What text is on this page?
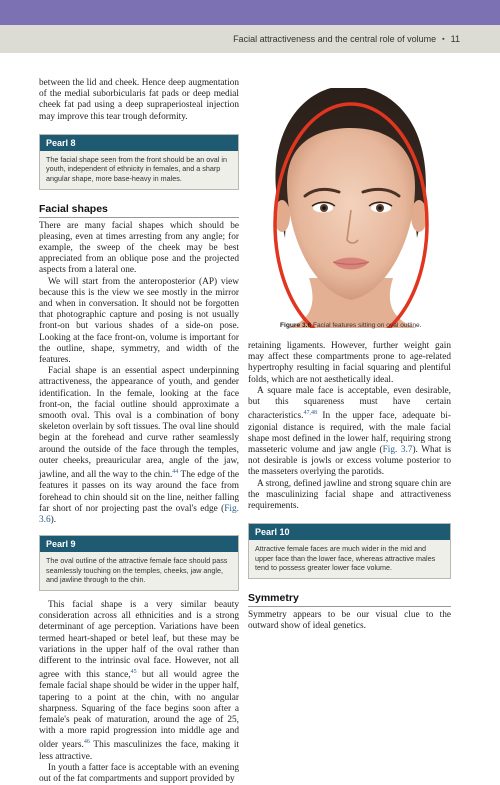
Facial attractiveness and the central role of volume ▪ 11

between the lid and cheek. Hence deep augmentation of the medial suborbicularis fat pads or deep medial cheek fat pad using a deep supraperiosteal injection may improve this tear trough deformity.

Pearl 8
The facial shape seen from the front should be an oval in youth, independent of ethnicity in females, and a sharp angular shape, more base-heavy in males.
Facial shapes

There are many facial shapes which should be pleasing, even at times arresting from any angle; for example, the sweep of the cheek may be best appreciated from an oblique pose and the projected aspects from a lateral one.

We will start from the anteroposterior (AP) view because this is the view we see mostly in the mirror and when in conversation. It should not be forgotten that photographic capture and posing is not usually front-on but various shades of a side-on pose. Looking at the face front-on, volume is important for the outline, shape, symmetry, and width of the features.

Facial shape is an essential aspect underpinning attractiveness, the appearance of youth, and gender identification. In the female, looking at the face front-on, the facial outline should approximate a smooth oval. This oval is a combination of bony skeleton overlain by soft tissues. The oval line should begin at the forehead and curve rather seamlessly around the outside of the face through the temples, outer cheeks, preauricular area, angle of the jaw, jawline, and all the way to the chin.$^{44}$ The edge of the features it passes on its way around the face from forehead to chin should sit on the line, neither falling far short of nor projecting past the oval's edge (Fig. 3.6).

Pearl 9
The oval outline of the attractive female face should pass seamlessly touching on the temples, cheeks, jaw angle, and jawline through to the chin.

This facial shape is a very similar beauty consideration across all ethnicities and is a strong determinant of age perception. Variations have been termed heart-shaped or betel leaf, but these may be variations in the upper half of the oval rather than different to the intrinsic oval face. However, not all agree with this stance,$^{45}$ but all would agree the female facial shape should be wider in the upper half, tapering to a point at the chin, with no angular sharpness. Squaring of the face begins soon after a female's peak of maturation, around the age of 25, with a more rapid progression into middle age and older years.$^{46}$ This masculinizes the face, making it less attractive.

In youth a fatter face is acceptable with an evening out of the fat compartments and support provided by

Figure 3.6 Facial features sitting on oval outline.

retaining ligaments. However, further weight gain may affect these compartments prone to age-related hypertrophy resulting in facial squaring and plentiful folds, which are not aesthetically ideal.

A square male face is acceptable, even desirable, but this squareness must have certain characteristics.$^{47,48}$ In the upper face, adequate bi-zigonial distance is required, with the male facial shape most defined in the lower half, requiring strong masseteric volume and jaw angle (Fig. 3.7). What is not desirable is jowls or excess volume posterior to the masseters overlying the parotids.

A strong, defined jawline and strong square chin are the masculinizing facial shape and attractiveness requirements.

Pearl 10
Attractive female faces are much wider in the mid and upper face than the lower face, whereas attractive males tend to possess greater lower face volume.
Symmetry

Symmetry appears to be our visual clue to the outward show of ideal genetics.
